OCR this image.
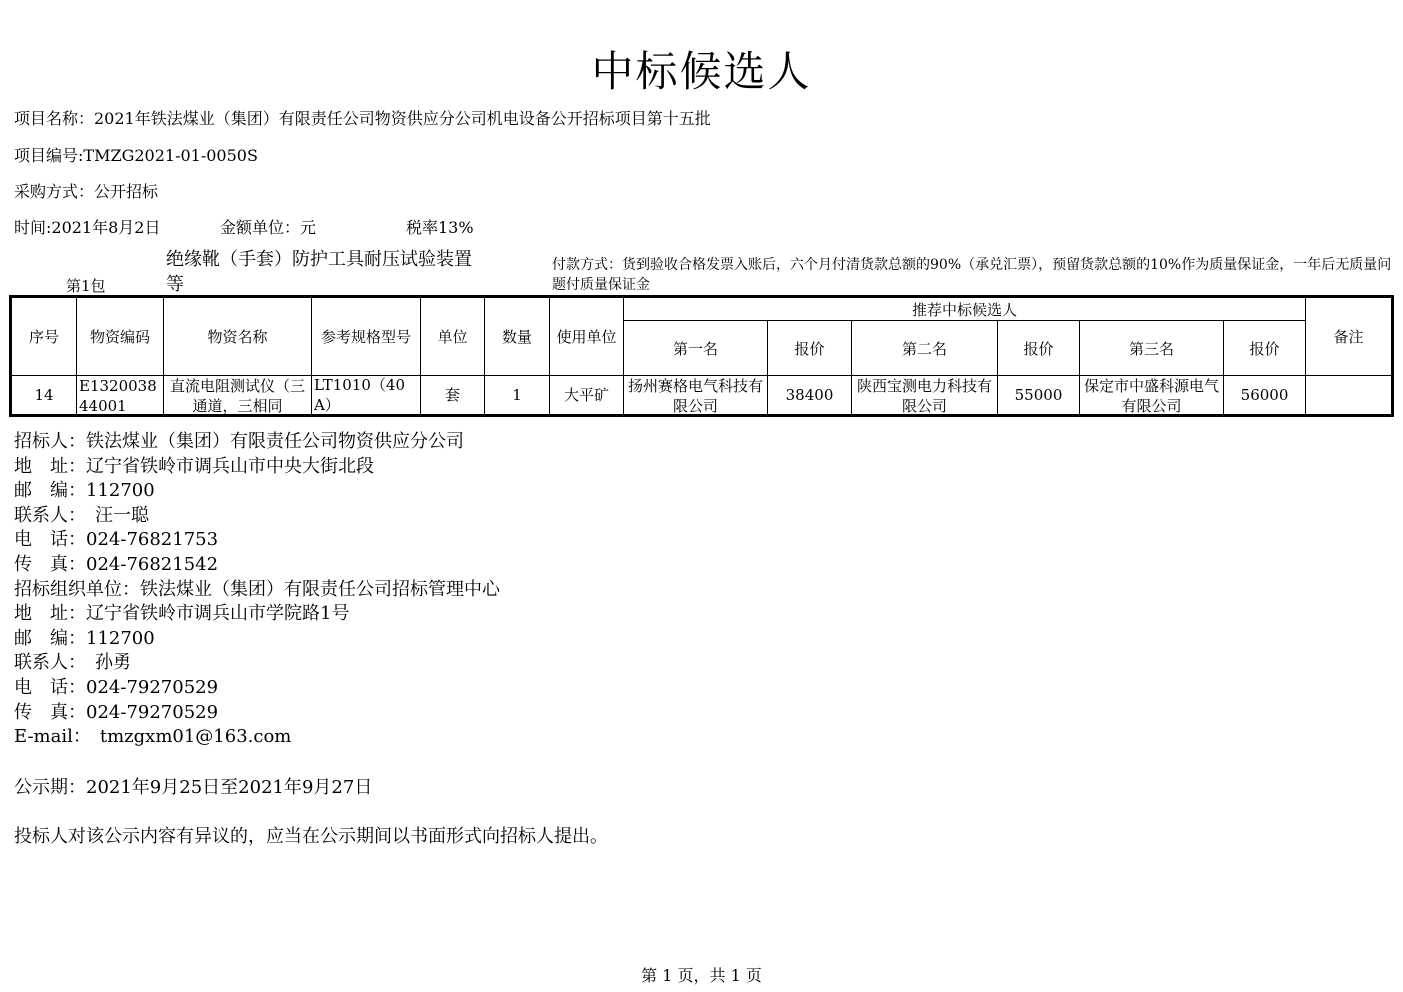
中标候选人
项目名称：2021年铁法煤业（集团）有限责任公司物资供应分公司机电设备公开招标项目第十五批
项目编号:TMZG2021-01-0050S
采购方式：公开招标
时间:2021年8月2日	金额单位：元	税率13%
第1包
绝缘靴（手套）防护工具耐压试验装置等
付款方式：货到验收合格发票入账后，六个月付清货款总额的90%（承兑汇票），预留货款总额的10%作为质量保证金，一年后无质量问题付质量保证金
序号	物资编码	物资名称	参考规格型号	单位	数量	使用单位	推荐中标候选人						备注
							第一名	报价	第二名	报价	第三名	报价	

14	E132003844001	直流电阻测试仪（三通道，三相同	LT1010（40A）	套	1	大平矿	扬州赛格电气科技有限公司	38400	陕西宝测电力科技有限公司	55000	保定市中盛科源电气有限公司	56000	

招标人：铁法煤业（集团）有限责任公司物资供应分公司
地　址：辽宁省铁岭市调兵山市中央大街北段
邮　编：112700
联系人：　汪一聪
电　话：024-76821753
传　真：024-76821542
招标组织单位：铁法煤业（集团）有限责任公司招标管理中心
地　址：辽宁省铁岭市调兵山市学院路1号
邮　编：112700
联系人：　孙勇
电　话：024-79270529
传　真：024-79270529
E-mail：　tmzgxm01@163.com
公示期：2021年9月25日至2021年9月27日
投标人对该公示内容有异议的，应当在公示期间以书面形式向招标人提出。
第 1 页，共 1 页
